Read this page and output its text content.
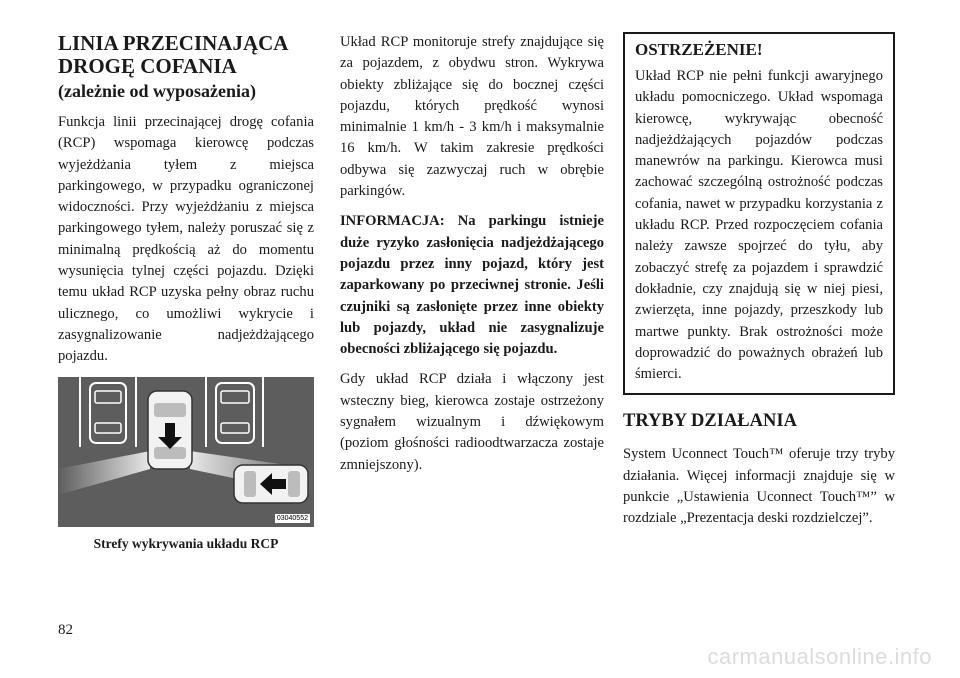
LINIA PRZECINAJĄCA
DROGĘ COFANIA
(zależnie od wyposażenia)

Funkcja linii przecinającej drogę cofania (RCP) wspomaga kierowcę podczas wyjeżdżania tyłem z miejsca parkingowego, w przypadku ograniczonej widoczności. Przy wyjeżdżaniu z miejsca parkingowego tyłem, należy poruszać się z minimalną prędkością aż do momentu wysunięcia tylnej części pojazdu. Dzięki temu układ RCP uzyska pełny obraz ruchu ulicznego, co umożliwi wykrycie i zasygnalizowanie nadjeżdżającego pojazdu.

03040552
Strefy wykrywania układu RCP

Układ RCP monitoruje strefy znajdujące się za pojazdem, z obydwu stron. Wykrywa obiekty zbliżające się do bocznej części pojazdu, których prędkość wynosi minimalnie 1 km/h - 3 km/h i maksymalnie 16 km/h. W takim zakresie prędkości odbywa się zazwyczaj ruch w obrębie parkingów.

INFORMACJA: Na parkingu istnieje duże ryzyko zasłonięcia nadjeżdżającego pojazdu przez inny pojazd, który jest zaparkowany po przeciwnej stronie. Jeśli czujniki są zasłonięte przez inne obiekty lub pojazdy, układ nie zasygnalizuje obecności zbliżającego się pojazdu.

Gdy układ RCP działa i włączony jest wsteczny bieg, kierowca zostaje ostrzeżony sygnałem wizualnym i dźwiękowym (poziom głośności radioodtwarzacza zostaje zmniejszony).

OSTRZEŻENIE!

Układ RCP nie pełni funkcji awaryjnego układu pomocniczego. Układ wspomaga kierowcę, wykrywając obecność nadjeżdżających pojazdów podczas manewrów na parkingu. Kierowca musi zachować szczególną ostrożność podczas cofania, nawet w przypadku korzystania z układu RCP. Przed rozpoczęciem cofania należy zawsze spojrzeć do tyłu, aby zobaczyć strefę za pojazdem i sprawdzić dokładnie, czy znajdują się w niej piesi, zwierzęta, inne pojazdy, przeszkody lub martwe punkty. Brak ostrożności może doprowadzić do poważnych obrażeń lub śmierci.

TRYBY DZIAŁANIA

System Uconnect Touch™ oferuje trzy tryby działania. Więcej informacji znajduje się w punkcie „Ustawienia Uconnect Touch™” w rozdziale „Prezentacja deski rozdzielczej”.

82
carmanualsonline.info
